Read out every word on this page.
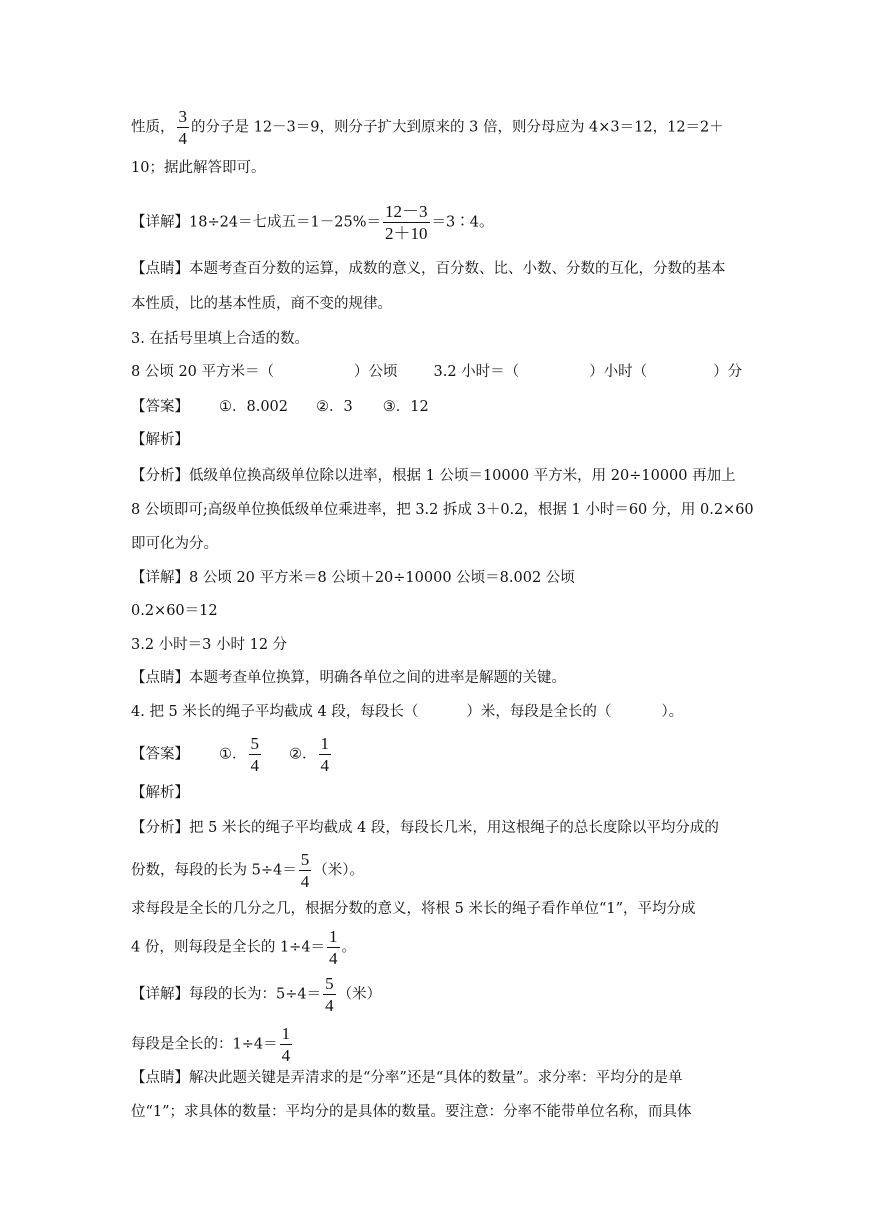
性质， $\frac{3}{4}$ 的分子是 12－3＝9，则分子扩大到原来的 3 倍，则分母应为 4×3＝12，12＝2＋
10；据此解答即可。
【详解】18÷24＝七成五$=1-25\%= \frac{12-3}{2+10}$ ＝3∶4。
【点睛】本题考查百分数的运算，成数的意义，百分数、比、小数、分数的互化，分数的基本
本性质，比的基本性质，商不变的规律。
3. 在括号里填上合适的数。
8 公顷 20 平方米＝（	）公顷 3.2 小时＝（	）小时（	）分
【答案】 ①．8.002 ②．3 ③．12
【解析】
【分析】低级单位换高级单位除以进率，根据 1 公顷＝10000 平方米，用 20÷10000 再加上
8 公顷即可;高级单位换低级单位乘进率，把 3.2 拆成 3＋0.2，根据 1 小时＝60 分，用 0.2×60
即可化为分。
【详解】8 公顷 20 平方米＝8 公顷＋20÷10000 公顷＝8.002 公顷
0.2×60＝12
3.2 小时＝3 小时 12 分
【点睛】本题考查单位换算，明确各单位之间的进率是解题的关键。
4. 把 5 米长的绳子平均截成 4 段，每段长（	）米，每段是全长的（	）。
【答案】 ①． $\frac{5}{4}$ ②． $\frac{1}{4}$
【解析】
【分析】把 5 米长的绳子平均截成 4 段，每段长几米，用这根绳子的总长度除以平均分成的
份数，每段的长为 $5\div 4= \frac{5}{4}$ （米）。
求每段是全长的几分之几，根据分数的意义，将根 5 米长的绳子看作单位“1”，平均分成
4 份，则每段是全长的 $1\div 4= \frac{1}{4}$ 。
【详解】每段的长为：$5\div 4= \frac{5}{4}$ （米）
每段是全长的：$1\div 4= \frac{1}{4}$
【点睛】解决此题关键是弄清求的是“分率”还是“具体的数量”。求分率：平均分的是单
位“1”；求具体的数量：平均分的是具体的数量。要注意：分率不能带单位名称，而具体
